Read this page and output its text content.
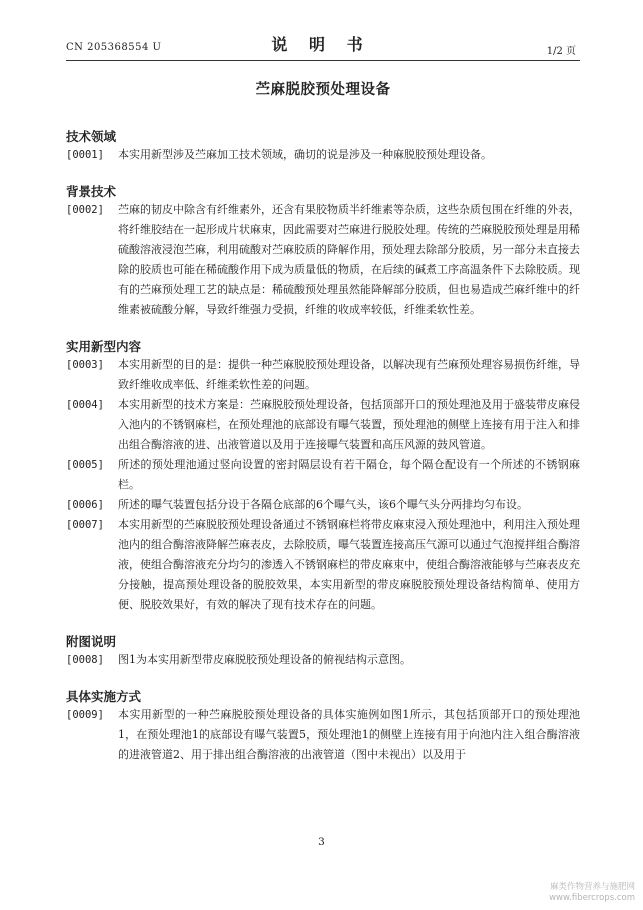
CN 205368554 U	说 明 书	1/2 页
苎麻脱胶预处理设备
技术领域
[0001]	本实用新型涉及苎麻加工技术领域，确切的说是涉及一种麻脱胶预处理设备。
背景技术
[0002]	苎麻的韧皮中除含有纤维素外，还含有果胶物质半纤维素等杂质，这些杂质包围在纤维的外表，将纤维胶结在一起形成片状麻束，因此需要对苎麻进行脱胶处理。传统的苎麻脱胶预处理是用稀硫酸溶液浸泡苎麻，利用硫酸对苎麻胶质的降解作用，预处理去除部分胶质，另一部分未直接去除的胶质也可能在稀硫酸作用下成为质量低的物质，在后续的碱煮工序高温条件下去除胶质。现有的苎麻预处理工艺的缺点是：稀硫酸预处理虽然能降解部分胶质，但也易造成苎麻纤维中的纤维素被硫酸分解，导致纤维强力受损，纤维的收成率较低，纤维柔软性差。
实用新型内容
[0003]	本实用新型的目的是：提供一种苎麻脱胶预处理设备，以解决现有苎麻预处理容易损伤纤维，导致纤维收成率低、纤维柔软性差的问题。
[0004]	本实用新型的技术方案是：苎麻脱胶预处理设备，包括顶部开口的预处理池及用于盛装带皮麻侵入池内的不锈钢麻栏，在预处理池的底部设有曝气装置，预处理池的侧壁上连接有用于注入和排出组合酶溶液的进、出液管道以及用于连接曝气装置和高压风源的鼓风管道。
[0005]	所述的预处理池通过竖向设置的密封隔层设有若干隔仓，每个隔仓配设有一个所述的不锈钢麻栏。
[0006]	所述的曝气装置包括分设于各隔仓底部的6个曝气头，该6个曝气头分两排均匀布设。
[0007]	本实用新型的苎麻脱胶预处理设备通过不锈钢麻栏将带皮麻束浸入预处理池中，利用注入预处理池内的组合酶溶液降解苎麻表皮，去除胶质，曝气装置连接高压气源可以通过气泡搅拌组合酶溶液，使组合酶溶液充分均匀的渗透入不锈钢麻栏的带皮麻束中，使组合酶溶液能够与苎麻表皮充分接触，提高预处理设备的脱胶效果，本实用新型的带皮麻脱胶预处理设备结构简单、使用方便、脱胶效果好，有效的解决了现有技术存在的问题。
附图说明
[0008]	图1为本实用新型带皮麻脱胶预处理设备的俯视结构示意图。
具体实施方式
[0009]	本实用新型的一种苎麻脱胶预处理设备的具体实施例如图1所示，其包括顶部开口的预处理池1，在预处理池1的底部设有曝气装置5，预处理池1的侧壁上连接有用于向池内注入组合酶溶液的进液管道2、用于排出组合酶溶液的出液管道（图中未视出）以及用于
3
麻类作物营养与施肥网
www.fibercrops.com
